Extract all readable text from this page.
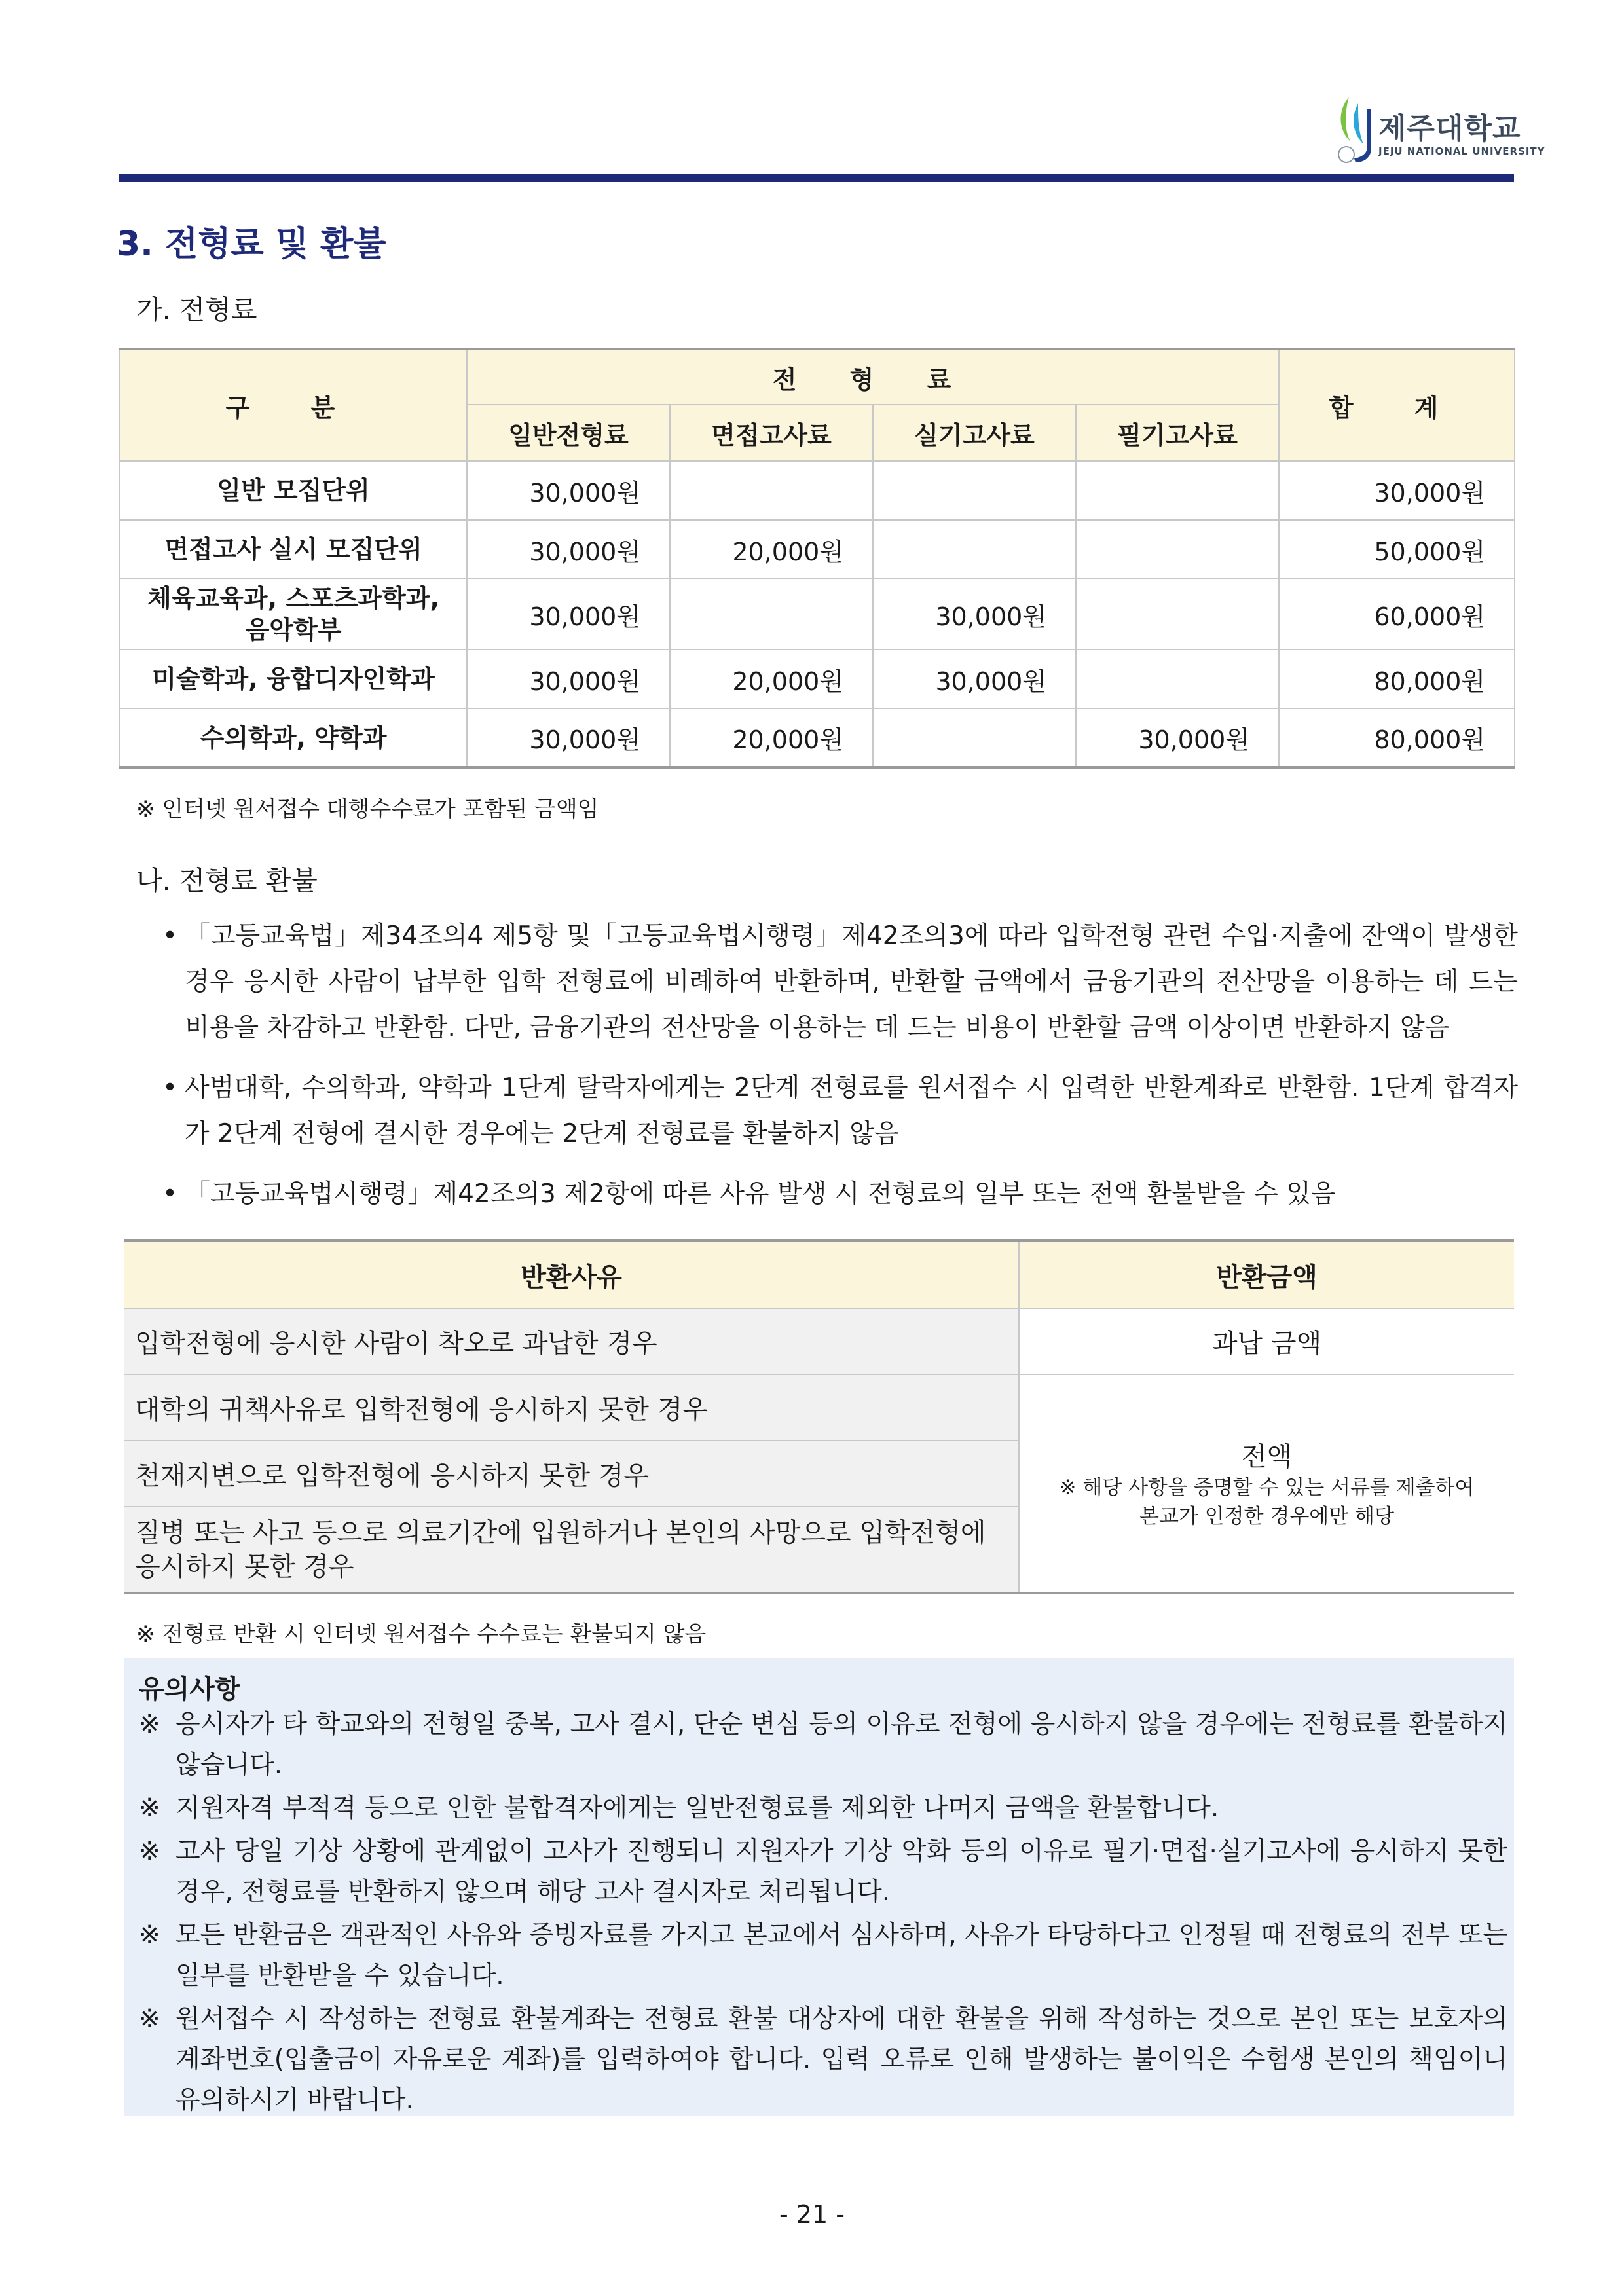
제주대학교
JEJU NATIONAL UNIVERSITY
3. 전형료 및 환불
가. 전형료
구 분	전 형 료				합 계
	일반전형료	면접고사료	실기고사료	필기고사료	
일반 모집단위	30,000원				30,000원
면접고사 실시 모집단위	30,000원	20,000원			50,000원
체육교육과, 스포츠과학과,
음악학부	30,000원		30,000원		60,000원
미술학과, 융합디자인학과	30,000원	20,000원	30,000원		80,000원
수의학과, 약학과	30,000원	20,000원		30,000원	80,000원
※ 인터넷 원서접수 대행수수료가 포함된 금액임
나. 전형료 환불
• 「고등교육법」제34조의4 제5항 및「고등교육법시행령」제42조의3에 따라 입학전형 관련 수입·지출에 잔액이 발생한 경우 응시한 사람이 납부한 입학 전형료에 비례하여 반환하며, 반환할 금액에서 금융기관의 전산망을 이용하는 데 드는 비용을 차감하고 반환함. 다만, 금융기관의 전산망을 이용하는 데 드는 비용이 반환할 금액 이상이면 반환하지 않음
• 사범대학, 수의학과, 약학과 1단계 탈락자에게는 2단계 전형료를 원서접수 시 입력한 반환계좌로 반환함. 1단계 합격자가 2단계 전형에 결시한 경우에는 2단계 전형료를 환불하지 않음
• 「고등교육법시행령」제42조의3 제2항에 따른 사유 발생 시 전형료의 일부 또는 전액 환불받을 수 있음
반환사유	반환금액
입학전형에 응시한 사람이 착오로 과납한 경우	과납 금액
대학의 귀책사유로 입학전형에 응시하지 못한 경우	전액
※ 해당 사항을 증명할 수 있는 서류를 제출하여
본교가 인정한 경우에만 해당

천재지변으로 입학전형에 응시하지 못한 경우	
질병 또는 사고 등으로 의료기간에 입원하거나 본인의 사망으로 입학전형에 응시하지 못한 경우	
※ 전형료 반환 시 인터넷 원서접수 수수료는 환불되지 않음
유의사항
※ 응시자가 타 학교와의 전형일 중복, 고사 결시, 단순 변심 등의 이유로 전형에 응시하지 않을 경우에는 전형료를 환불하지 않습니다.
※ 지원자격 부적격 등으로 인한 불합격자에게는 일반전형료를 제외한 나머지 금액을 환불합니다.
※ 고사 당일 기상 상황에 관계없이 고사가 진행되니 지원자가 기상 악화 등의 이유로 필기·면접·실기고사에 응시하지 못한 경우, 전형료를 반환하지 않으며 해당 고사 결시자로 처리됩니다.
※ 모든 반환금은 객관적인 사유와 증빙자료를 가지고 본교에서 심사하며, 사유가 타당하다고 인정될 때 전형료의 전부 또는 일부를 반환받을 수 있습니다.
※ 원서접수 시 작성하는 전형료 환불계좌는 전형료 환불 대상자에 대한 환불을 위해 작성하는 것으로 본인 또는 보호자의 계좌번호(입출금이 자유로운 계좌)를 입력하여야 합니다. 입력 오류로 인해 발생하는 불이익은 수험생 본인의 책임이니 유의하시기 바랍니다.
- 21 -
